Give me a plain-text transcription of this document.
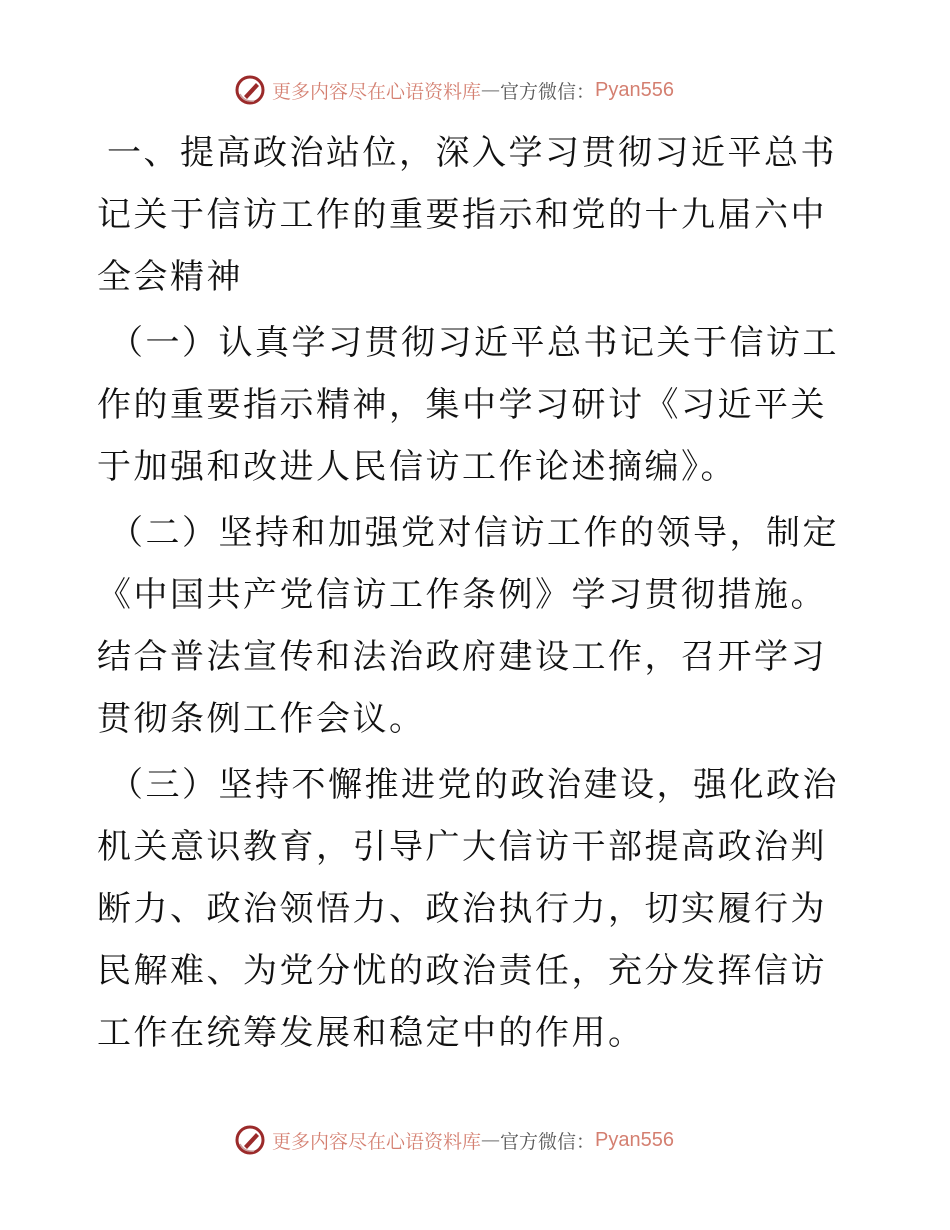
更多内容尽在心语资料库 — 官方微信： Pyan556

一、提高政治站位，深入学习贯彻习近平总书记关于信访工作的重要指示和党的十九届六中全会精神

（一）认真学习贯彻习近平总书记关于信访工作的重要指示精神，集中学习研讨《习近平关于加强和改进人民信访工作论述摘编》。

（二）坚持和加强党对信访工作的领导，制定《中国共产党信访工作条例》学习贯彻措施。结合普法宣传和法治政府建设工作，召开学习贯彻条例工作会议。

（三）坚持不懈推进党的政治建设，强化政治机关意识教育，引导广大信访干部提高政治判断力、政治领悟力、政治执行力，切实履行为民解难、为党分忧的政治责任，充分发挥信访工作在统筹发展和稳定中的作用。

更多内容尽在心语资料库 — 官方微信： Pyan556
